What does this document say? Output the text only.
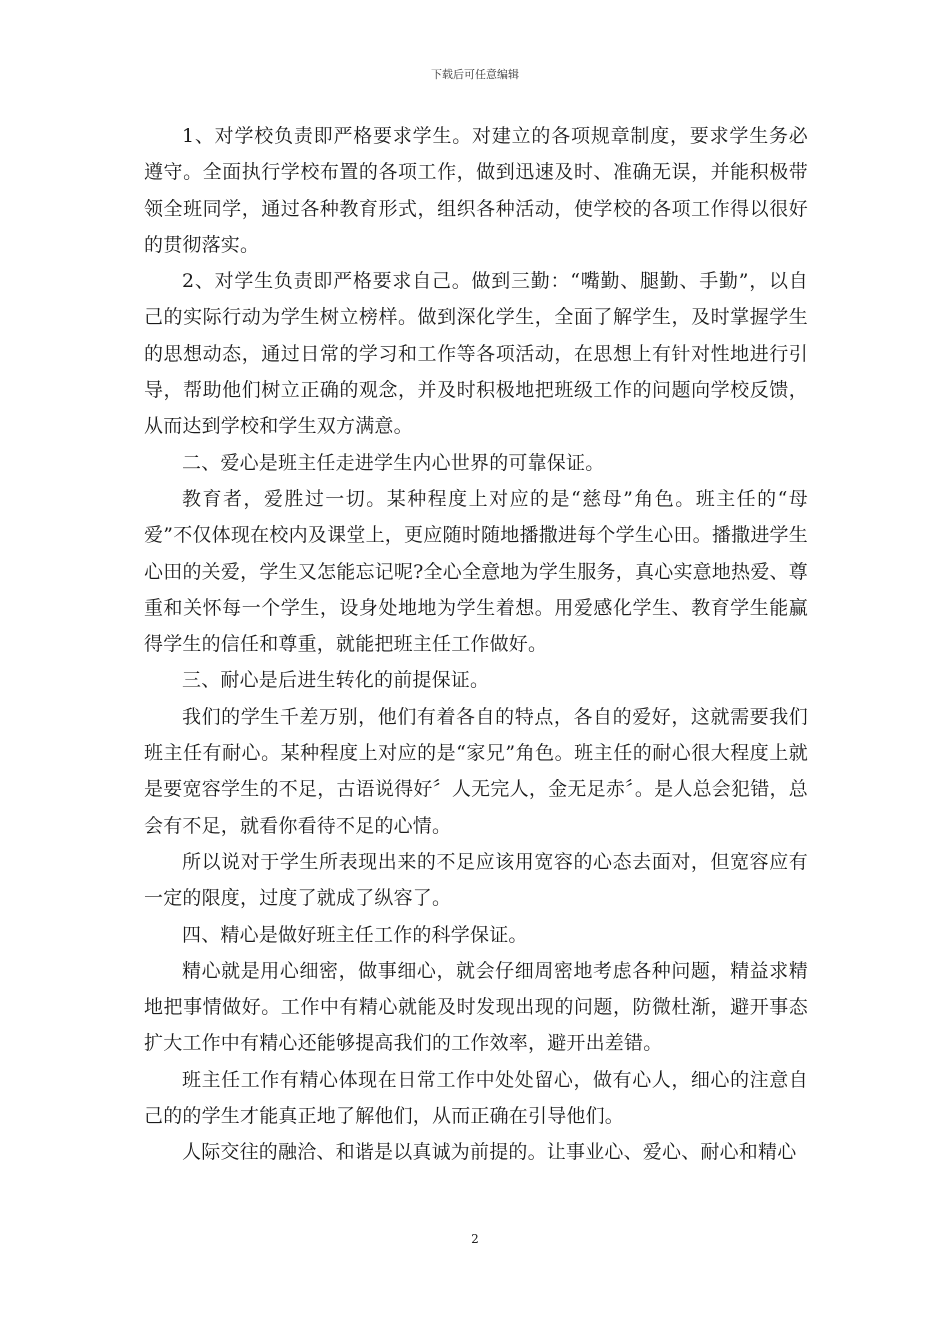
下载后可任意编辑

1、对学校负责即严格要求学生。对建立的各项规章制度，要求学生务必遵守。全面执行学校布置的各项工作，做到迅速及时、准确无误，并能积极带领全班同学，通过各种教育形式，组织各种活动，使学校的各项工作得以很好的贯彻落实。

2、对学生负责即严格要求自己。做到三勤：“嘴勤、腿勤、手勤”，以自己的实际行动为学生树立榜样。做到深化学生，全面了解学生，及时掌握学生的思想动态，通过日常的学习和工作等各项活动，在思想上有针对性地进行引导，帮助他们树立正确的观念，并及时积极地把班级工作的问题向学校反馈，从而达到学校和学生双方满意。

二、爱心是班主任走进学生内心世界的可靠保证。

教育者，爱胜过一切。某种程度上对应的是“慈母”角色。班主任的“母爱”不仅体现在校内及课堂上，更应随时随地播撒进每个学生心田。播撒进学生心田的关爱，学生又怎能忘记呢?全心全意地为学生服务，真心实意地热爱、尊重和关怀每一个学生，设身处地地为学生着想。用爱感化学生、教育学生能赢得学生的信任和尊重，就能把班主任工作做好。

三、耐心是后进生转化的前提保证。

我们的学生千差万别，他们有着各自的特点，各自的爱好，这就需要我们班主任有耐心。某种程度上对应的是“家兄”角色。班主任的耐心很大程度上就是要宽容学生的不足，古语说得好〞人无完人，金无足赤〞。是人总会犯错，总会有不足，就看你看待不足的心情。

所以说对于学生所表现出来的不足应该用宽容的心态去面对，但宽容应有一定的限度，过度了就成了纵容了。

四、精心是做好班主任工作的科学保证。

精心就是用心细密，做事细心，就会仔细周密地考虑各种问题，精益求精地把事情做好。工作中有精心就能及时发现出现的问题，防微杜渐，避开事态扩大工作中有精心还能够提高我们的工作效率，避开出差错。

班主任工作有精心体现在日常工作中处处留心，做有心人，细心的注意自己的的学生才能真正地了解他们，从而正确在引导他们。

人际交往的融洽、和谐是以真诚为前提的。让事业心、爱心、耐心和精心

2
